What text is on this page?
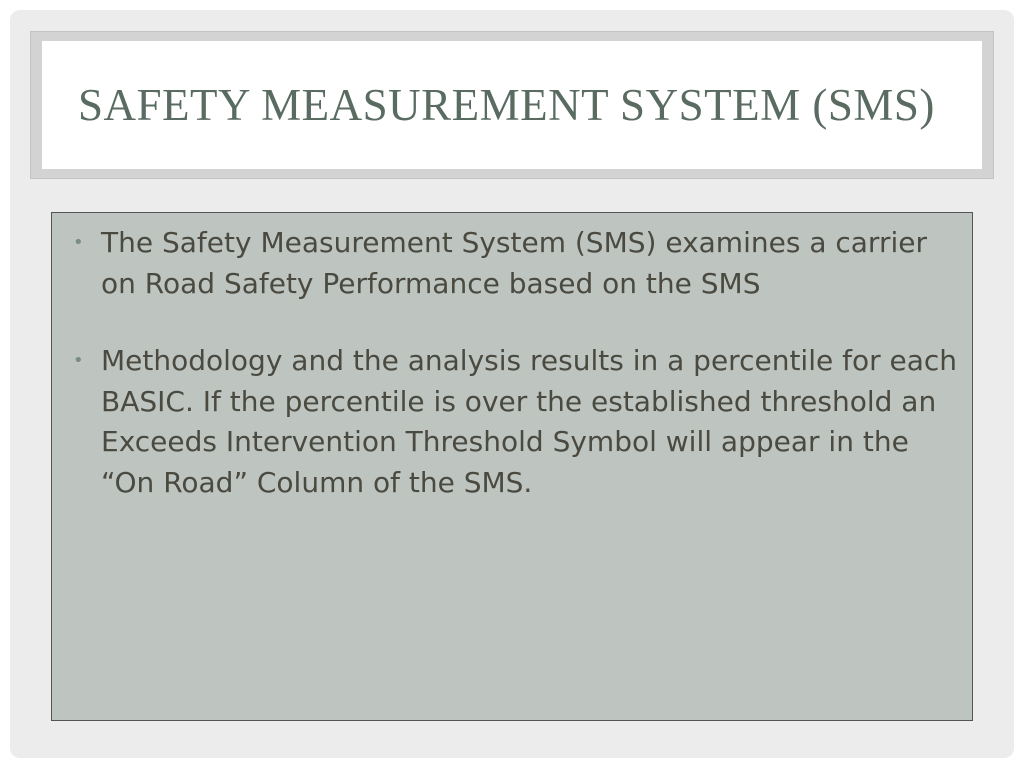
SAFETY MEASUREMENT SYSTEM (SMS)
• The Safety Measurement System (SMS) examines a carrier on Road Safety Performance based on the SMS
• Methodology and the analysis results in a percentile for each BASIC. If the percentile is over the established threshold an Exceeds Intervention Threshold Symbol will appear in the “On Road” Column of the SMS.
